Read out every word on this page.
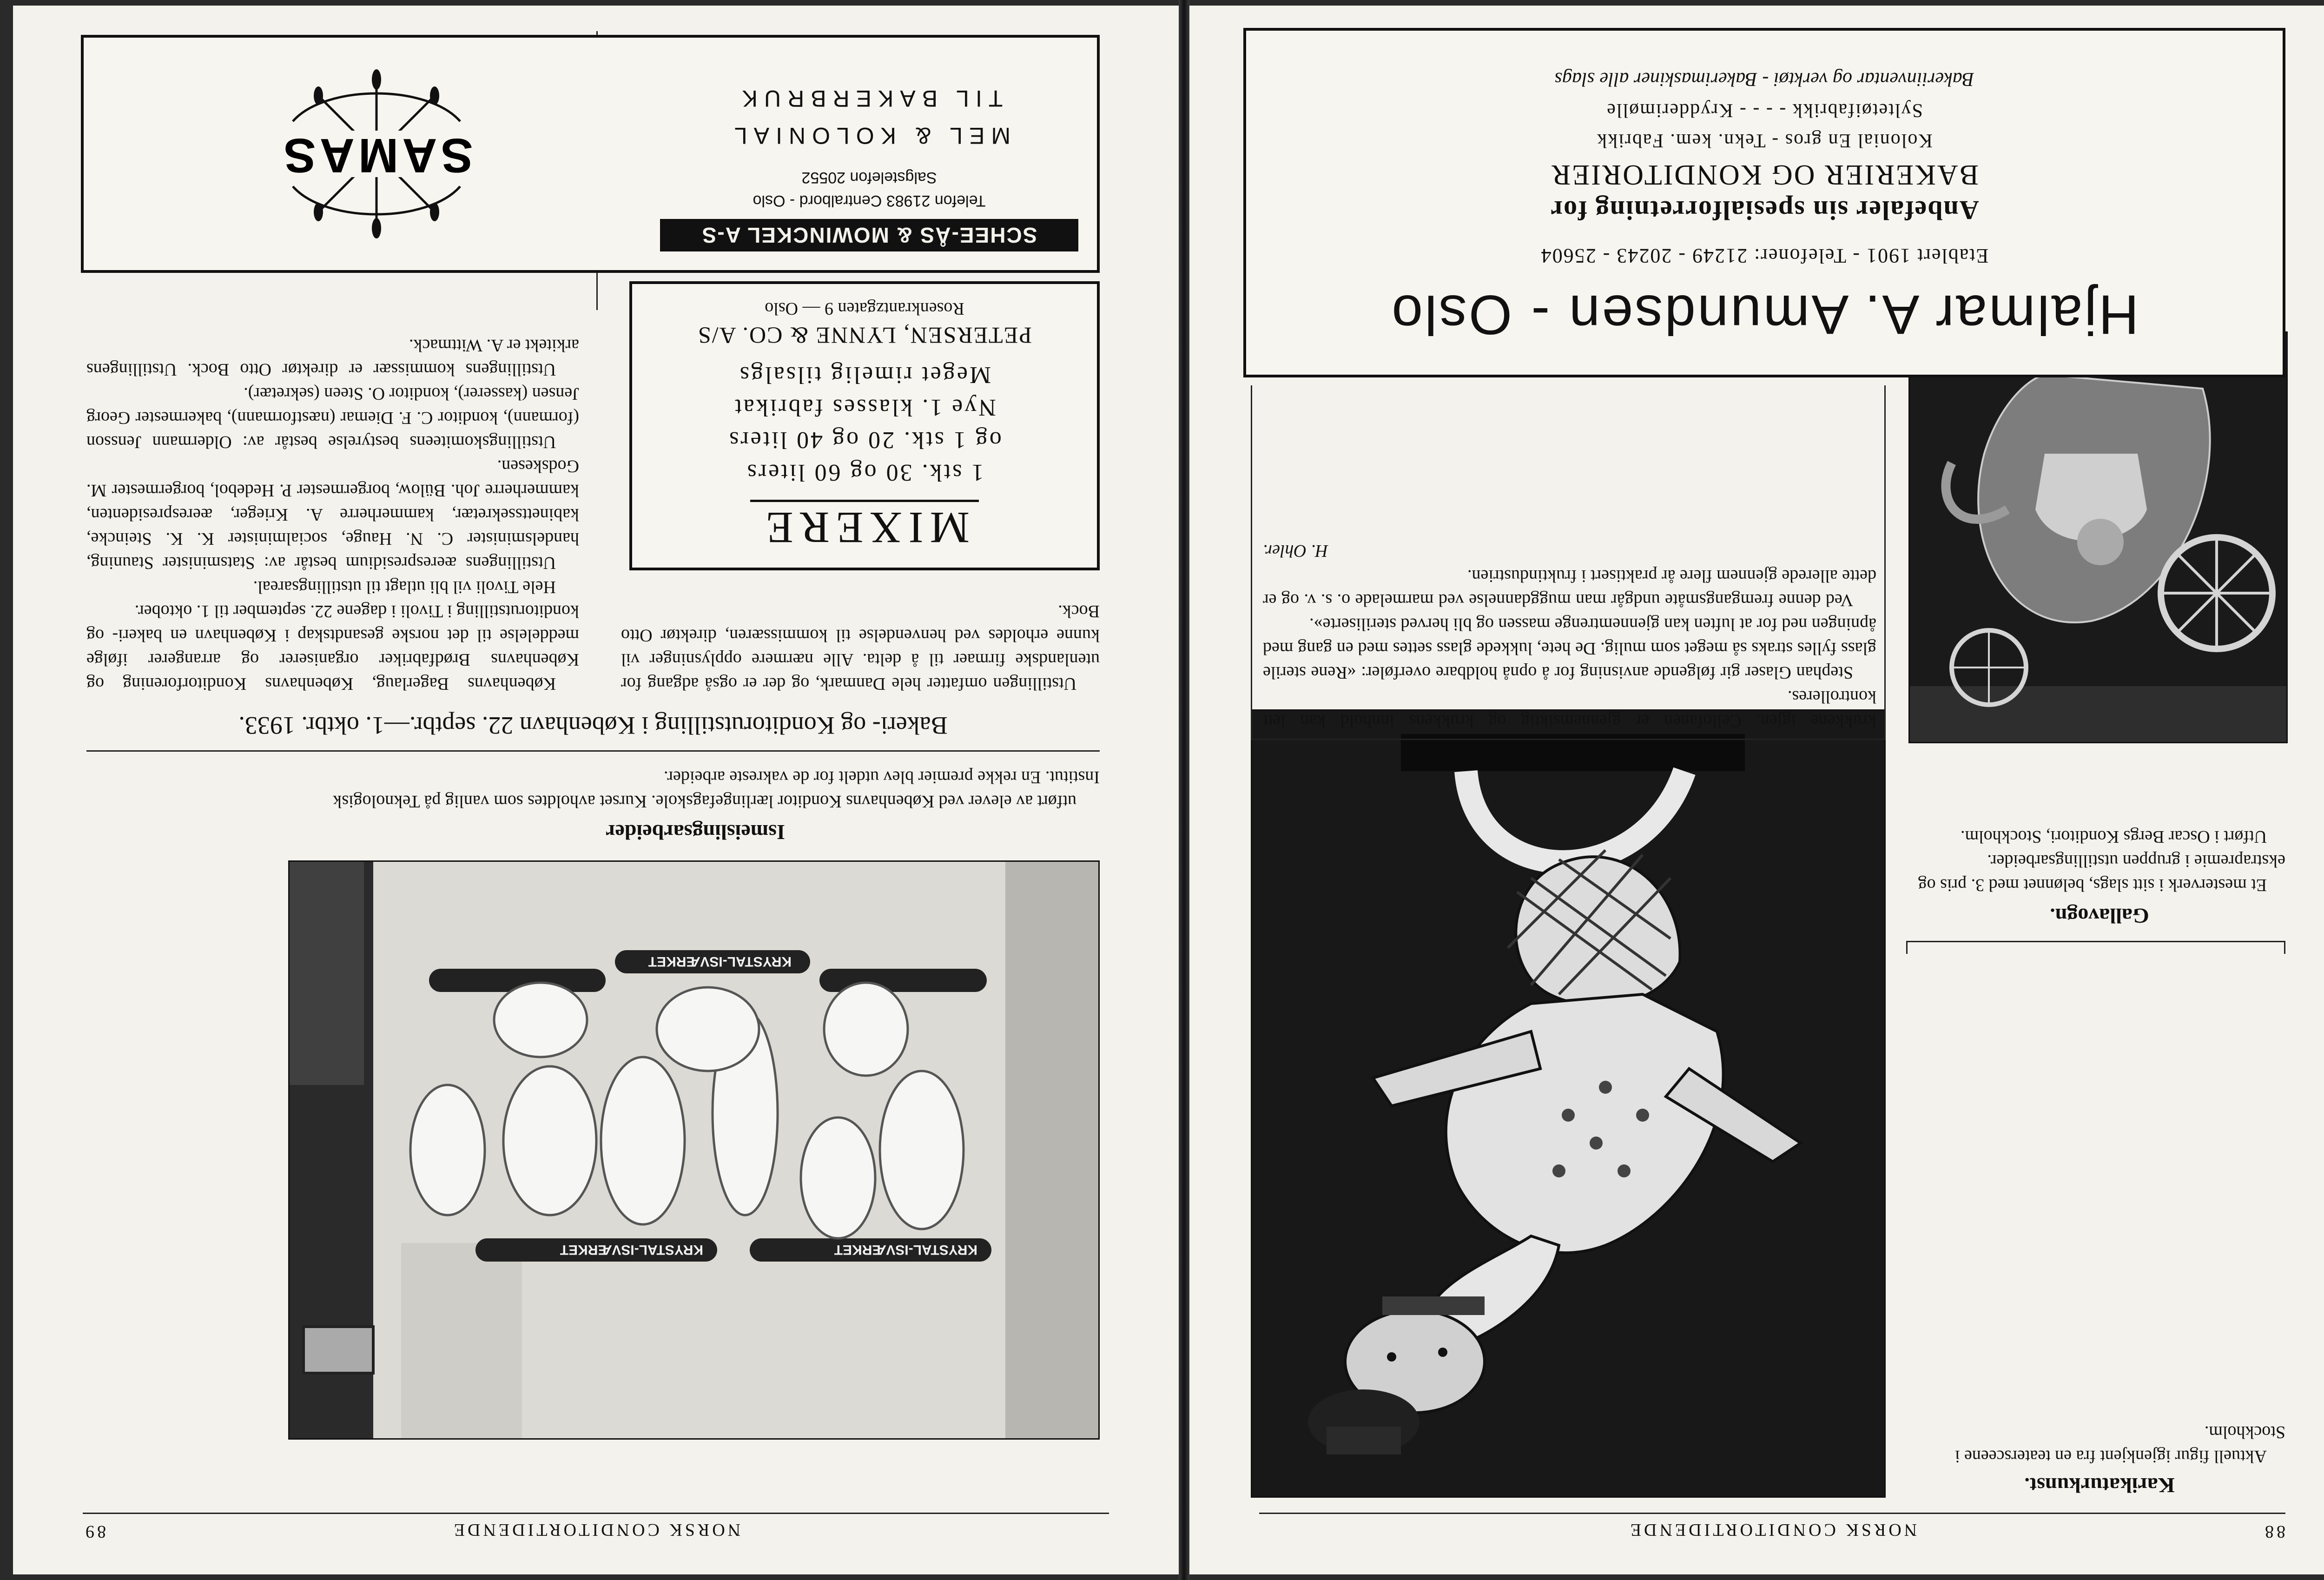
88
NORSK CONDITORTIDENDE

Karikaturkunst.

Aktuell figur igjenkjent fra en teatersceene i Stockholm.

Gallavogn.

Et mesterverk i sitt slags, belønnet med 3. pris og ekstrapremie i gruppen utstillingsarbeider.

Utført i Oscar Bergs Konditori, Stockholm.

krukkene igjen. Cellofanen er gjennemsiktig og krukkens innhold kan lett kontrolleres.

Stephan Glaser gir følgende anvisning for å opnå holdbare overføler: «Rene sterile glass fylles straks så meget som mulig. De hete, lukkede glass settes med en gang med åpningen ned for at luften kan gjennemtrenge massen og bli herved steriliserte».

Ved denne fremgangsmåte undgår man muggdannelse ved marmelade o. s. v. og er dette allerede gjennem flere år praktisert i fruktindustrien.

H. Ohler.

Hjalmar A. Amundsen - Oslo
Etablert 1901 - Telefoner: 21249 - 20243 - 25604
Anbefaler sin spesialforretning for
BAKERIER OG KONDITORIER
Kolonial En gros - Tekn. kem. Fabrikk
Syltetøifabrikk - - - - Krydderimølle
Bakeriinventar og verktøi - Bakerimaskiner alle slags
89	NORSK CONDITORTIDENDE
KRYSTAL-ISVÆRKET
KRYSTAL-ISVÆRKET
KRYSTAL-ISVÆRKET

Ismeislingsarbeider

utført av elever ved Københavns Konditor lærlingefagskole. Kurset avholdtes som vanlig på Teknologisk Institut. En rekke premier blev utdelt for de vakreste arbeider.

Bakeri- og Konditorutstilling i København 22. septbr.—1. oktbr. 1933.

Utstillingen omfatter hele Danmark, og der er også adgang for utenlandske firmaer til å delta. Alle nærmere opplysninger vil kunne erholdes ved henvendelse til kommissæren, direktør Otto Bock.

Københavns Bagerlaug, Københavns Konditorforening og Københavns Brødfabriker organiserer og arrangerer ifølge meddelelse til det norske gesandtskap i København en bakeri- og konditorutstilling i Tivoli i dagene 22. september til 1. oktober.

Hele Tivoli vil bli utlagt til utstillingsareal.

Utstillingens æerespresidium består av: Statsminister Stauning, handelsminister C. N. Hauge, socialminister K. K. Steincke, kabinettssekretær, kammerherre A. Krieger, æerespresidenten, kammerherre Joh. Bülow, borgermester P. Hedebol, borgermester M. Godskesen.

Utstillingskomiteens bestyrelse består av: Oldermann Jensson (formann), konditor C. F. Diemar (næstformann), bakermester Georg Jensen (kasserer), konditor O. Steen (sekretær).

Utstillingens kommissær er direktør Otto Bock. Utstillingens arkitekt er A. Wittmack.

MIXERE
1 stk. 30 og 60 liters
og 1 stk. 20 og 40 liters
Nye 1. klasses fabrikat
Meget rimelig tilsalgs
PETERSEN, LYNNE & CO. A/S
Rosenkrantzgaten 9 — Oslo
SCHEE-ÅS & MOWINCKEL A-S
Telefon 21983 Centralbord - Oslo
Salgstelefon 20552
MEL & KOLONIAL
TIL BAKERBRUK
SAMAS
